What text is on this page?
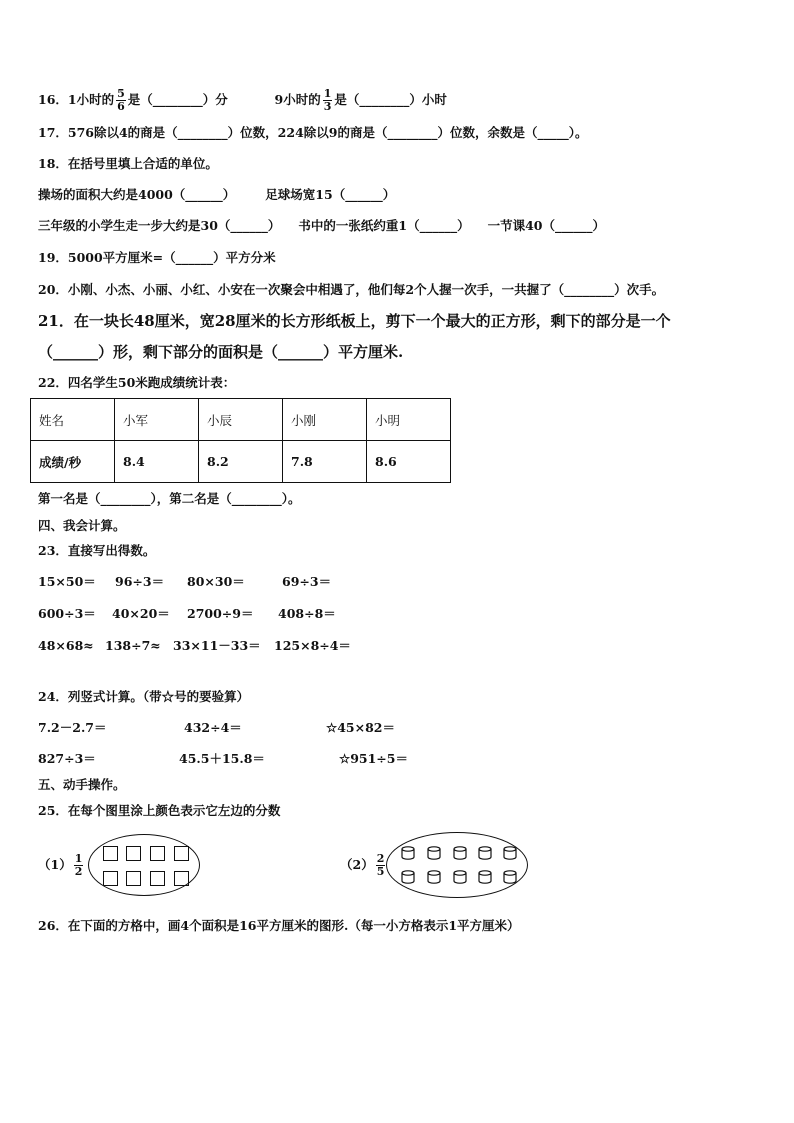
16．1小时的 $\frac{5}{6}$ 是（________）分	9小时的 $\frac{1}{3}$ 是（________）小时
17．576除以4的商是（________）位数，224除以9的商是（________）位数，余数是（_____）。
18．在括号里填上合适的单位。
操场的面积大约是4000（______） 足球场宽15（______）
三年级的小学生走一步大约是30（______） 书中的一张纸约重1（______） 一节课40（______）
19．5000平方厘米=（______）平方分米
20．小刚、小杰、小丽、小红、小安在一次聚会中相遇了，他们每2个人握一次手，一共握了（________）次手。
21．在一块长48厘米，宽28厘米的长方形纸板上，剪下一个最大的正方形，剩下的部分是一个
（______）形，剩下部分的面积是（______）平方厘米.
22．四名学生50米跑成绩统计表：
姓名	小军	小辰	小刚	小明
成绩/秒	8.4	8.2	7.8	8.6
第一名是（________），第二名是（________）。
四、我会计算。
23．直接写出得数。
15×50＝ 96÷3＝ 80×30＝	69÷3＝
600÷3＝ 40×20＝ 2700÷9＝ 408÷8＝
48×68≈ 138÷7≈ 33×11－33＝ 125×8÷4＝
24．列竖式计算。（带☆号的要验算）
7.2－2.7＝	432÷4＝	☆45×82＝
827÷3＝	45.5＋15.8＝	☆951÷5＝
五、动手操作。
25．在每个图里涂上颜色表示它左边的分数
$(1) \frac{1}{2}$	$(2) \frac{2}{5}$
26．在下面的方格中，画4个面积是16平方厘米的图形.（每一小方格表示1平方厘米）
